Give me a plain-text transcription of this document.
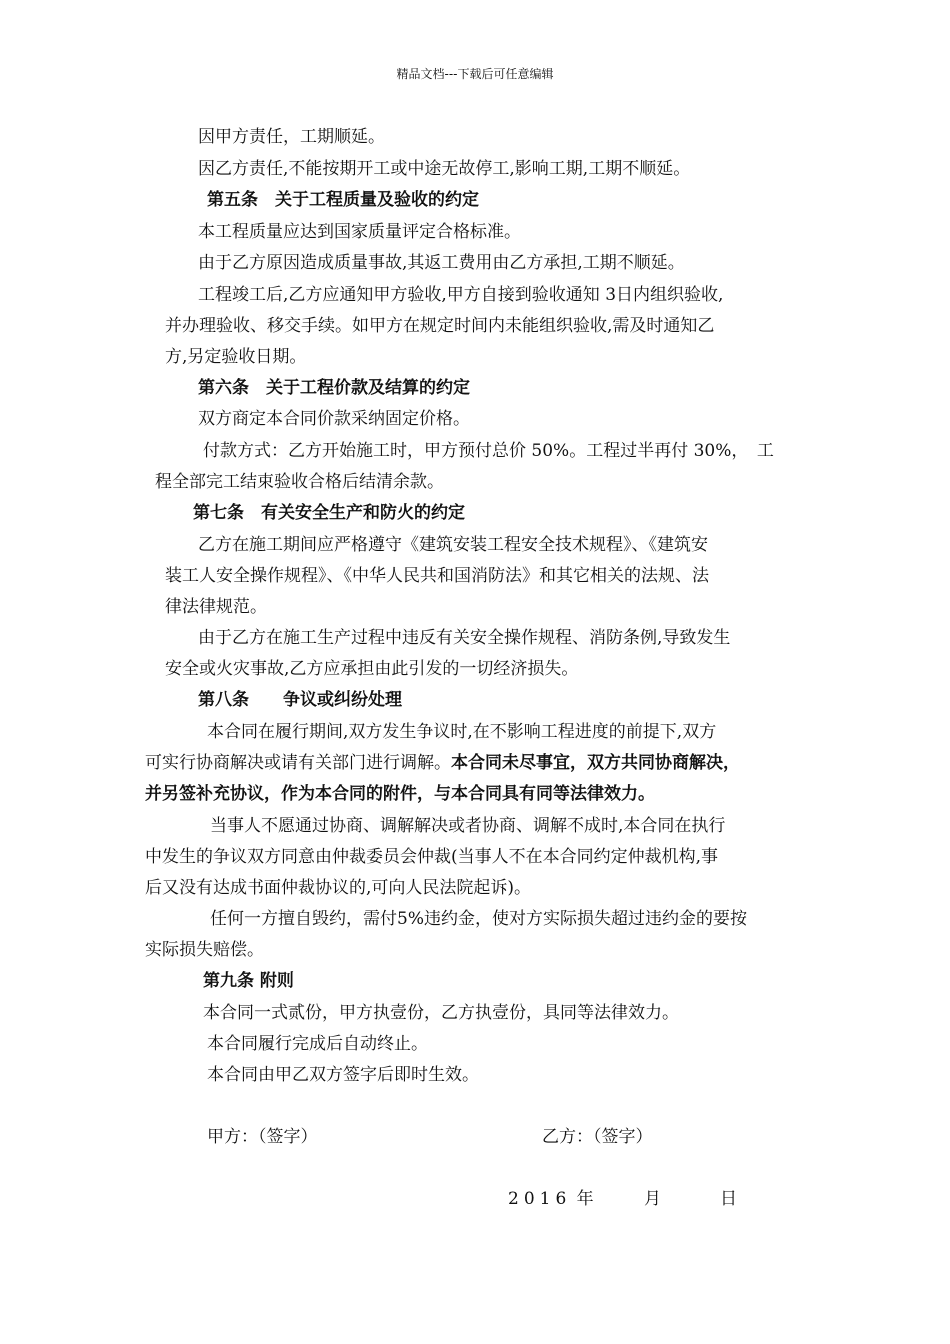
精品文档---下载后可任意编辑
因甲方责任，工期顺延。
因乙方责任,不能按期开工或中途无故停工,影响工期,工期不顺延。
第五条　关于工程质量及验收的约定
本工程质量应达到国家质量评定合格标准。
由于乙方原因造成质量事故,其返工费用由乙方承担,工期不顺延。
工程竣工后,乙方应通知甲方验收,甲方自接到验收通知 3日内组织验收,
并办理验收、移交手续。如甲方在规定时间内未能组织验收,需及时通知乙
方,另定验收日期。
第六条　关于工程价款及结算的约定
双方商定本合同价款采纳固定价格。
付款方式：乙方开始施工时，甲方预付总价 50%。工程过半再付 30%，　工
程全部完工结束验收合格后结清余款。
第七条　有关安全生产和防火的约定
乙方在施工期间应严格遵守《建筑安装工程安全技术规程》、《建筑安
装工人安全操作规程》、《中华人民共和国消防法》和其它相关的法规、法
律法律规范。
由于乙方在施工生产过程中违反有关安全操作规程、消防条例,导致发生
安全或火灾事故,乙方应承担由此引发的一切经济损失。
第八条　　争议或纠纷处理
本合同在履行期间,双方发生争议时,在不影响工程进度的前提下,双方
可实行协商解决或请有关部门进行调解。本合同未尽事宜，双方共同协商解决，
并另签补充协议，作为本合同的附件，与本合同具有同等法律效力。
当事人不愿通过协商、调解解决或者协商、调解不成时,本合同在执行
中发生的争议双方同意由仲裁委员会仲裁(当事人不在本合同约定仲裁机构,事
后又没有达成书面仲裁协议的,可向人民法院起诉)。
任何一方擅自毁约，需付5%违约金，使对方实际损失超过违约金的要按
实际损失赔偿。
第九条 附则
本合同一式贰份，甲方执壹份，乙方执壹份，具同等法律效力。
本合同履行完成后自动终止。
本合同由甲乙双方签字后即时生效。
甲方：（签字）	乙方：（签字）
2016 年	月	日
